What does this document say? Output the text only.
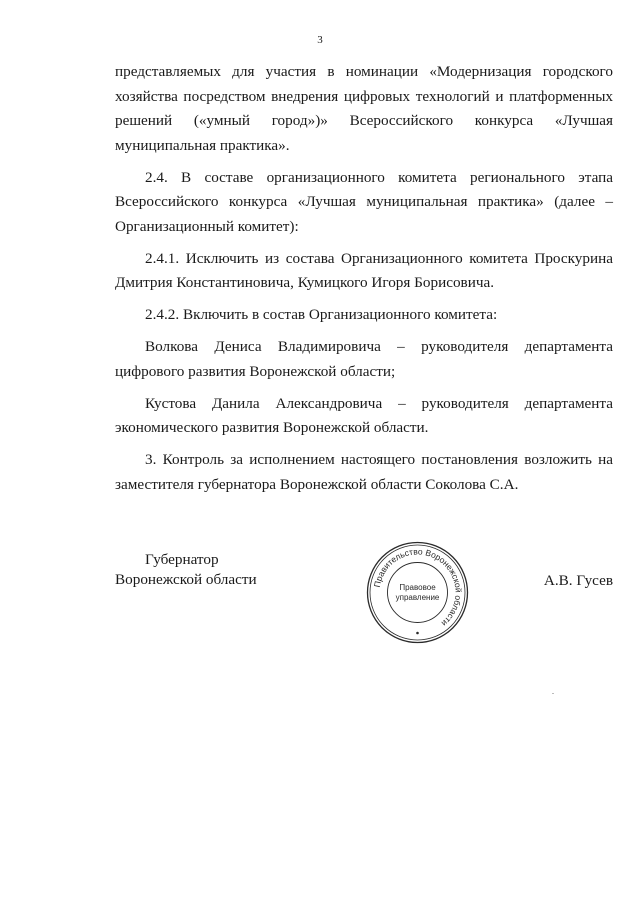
3

представляемых для участия в номинации «Модернизация городского хозяйства посредством внедрения цифровых технологий и платформенных решений («умный город»)» Всероссийского конкурса «Лучшая муниципальная практика».

2.4. В составе организационного комитета регионального этапа Всероссийского конкурса «Лучшая муниципальная практика» (далее – Организационный комитет):

2.4.1. Исключить из состава Организационного комитета Проскурина Дмитрия Константиновича, Кумицкого Игоря Борисовича.

2.4.2. Включить в состав Организационного комитета:

Волкова Дениса Владимировича – руководителя департамента цифрового развития Воронежской области;

Кустова Данила Александровича – руководителя департамента экономического развития Воронежской области.

3. Контроль за исполнением настоящего постановления возложить на заместителя губернатора Воронежской области Соколова С.А.

Губернатор
Воронежской области	Правительство Воронежской области
Правовое
управление
А.В. Гусев
